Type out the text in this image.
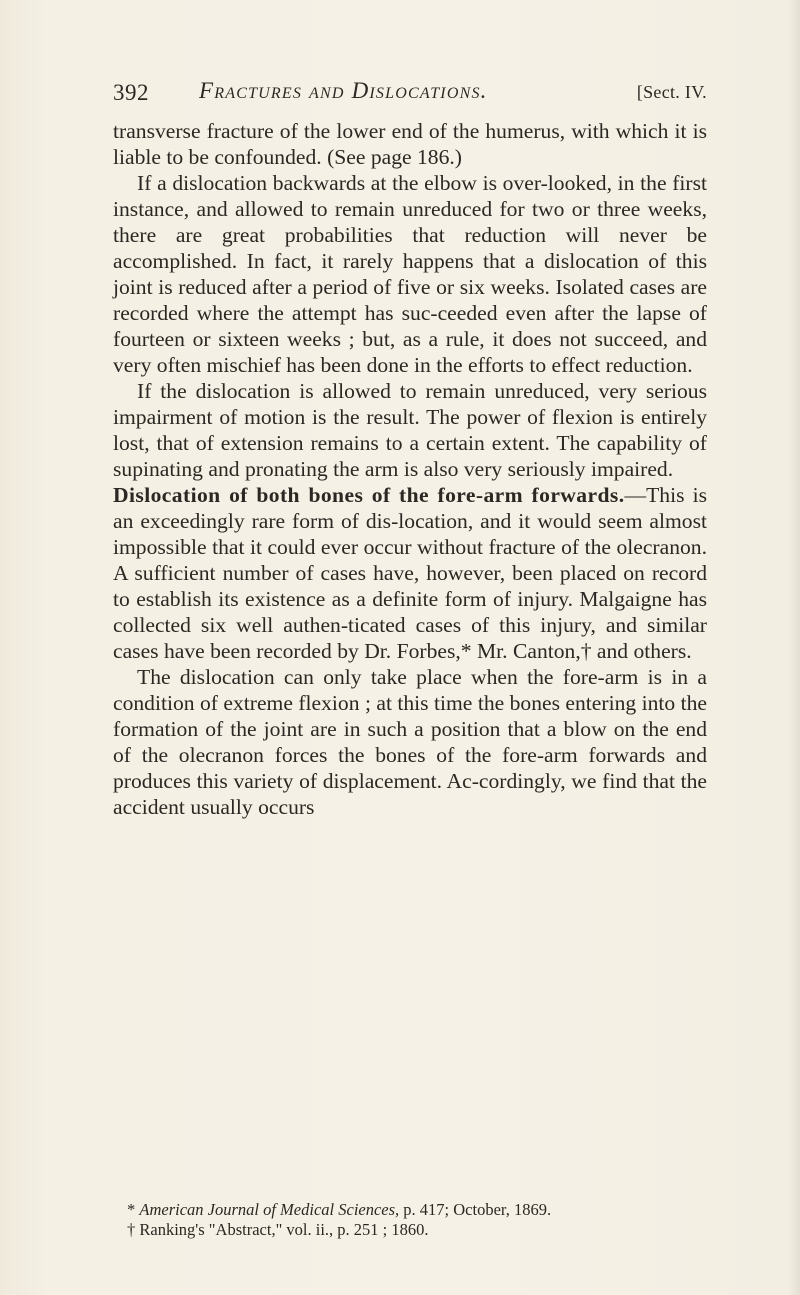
392 Fractures and Dislocations.	[Sect. IV.

transverse fracture of the lower end of the humerus, with which it is liable to be confounded. (See page 186.)

If a dislocation backwards at the elbow is over-looked, in the first instance, and allowed to remain unreduced for two or three weeks, there are great probabilities that reduction will never be accomplished. In fact, it rarely happens that a dislocation of this joint is reduced after a period of five or six weeks. Isolated cases are recorded where the attempt has suc-ceeded even after the lapse of fourteen or sixteen weeks ; but, as a rule, it does not succeed, and very often mischief has been done in the efforts to effect reduction.

If the dislocation is allowed to remain unreduced, very serious impairment of motion is the result. The power of flexion is entirely lost, that of extension remains to a certain extent. The capability of supinating and pronating the arm is also very seriously impaired.

Dislocation of both bones of the fore-arm forwards.—This is an exceedingly rare form of dis-location, and it would seem almost impossible that it could ever occur without fracture of the olecranon. A sufficient number of cases have, however, been placed on record to establish its existence as a definite form of injury. Malgaigne has collected six well authen-ticated cases of this injury, and similar cases have been recorded by Dr. Forbes,* Mr. Canton,† and others.

The dislocation can only take place when the fore-arm is in a condition of extreme flexion ; at this time the bones entering into the formation of the joint are in such a position that a blow on the end of the olecranon forces the bones of the fore-arm forwards and produces this variety of displacement. Ac-cordingly, we find that the accident usually occurs

* American Journal of Medical Sciences, p. 417; October, 1869.

† Ranking's "Abstract," vol. ii., p. 251 ; 1860.
